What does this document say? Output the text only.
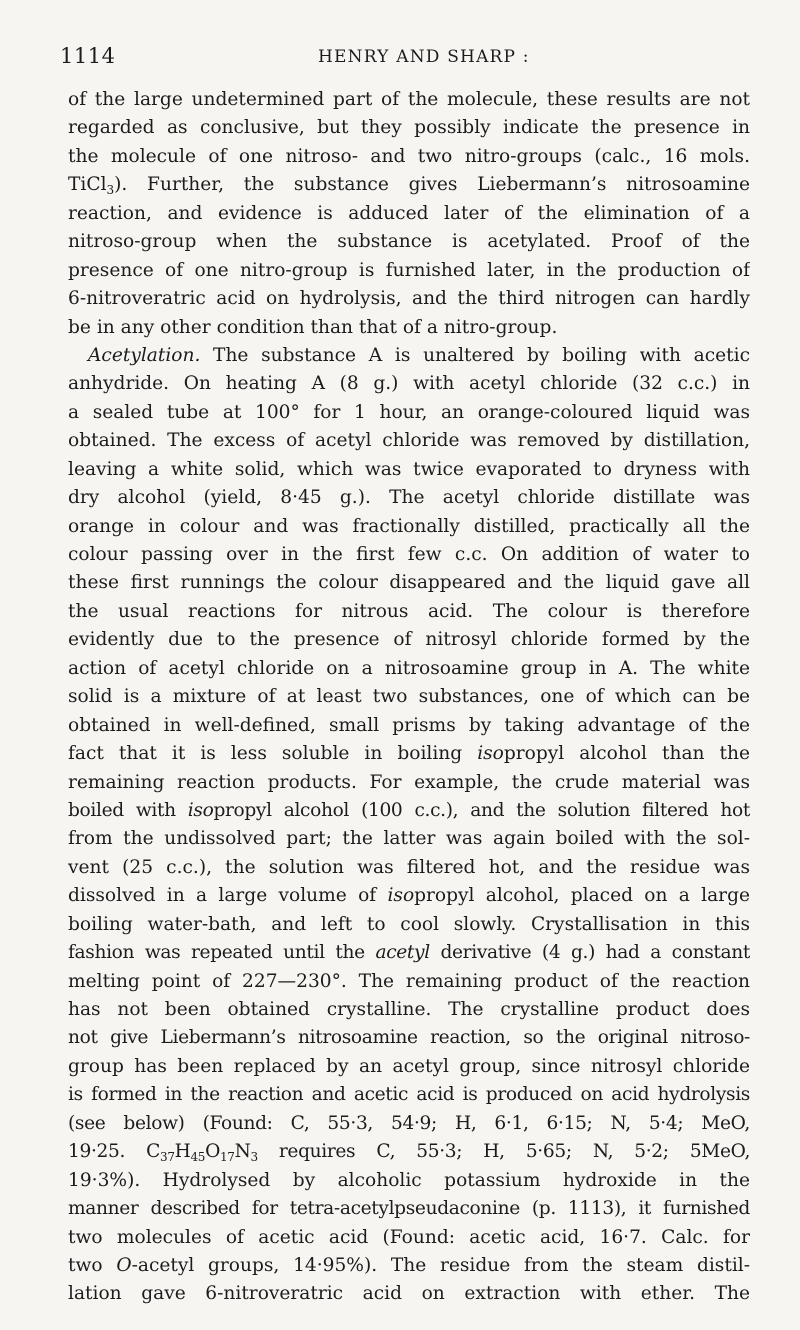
1114	HENRY AND SHARP :
of the large undetermined part of the molecule, these results are not
regarded as conclusive, but they possibly indicate the presence in
the molecule of one nitroso- and two nitro-groups (calc., 16 mols.
TiCl$_3$). Further, the substance gives Liebermann’s nitrosoamine
reaction, and evidence is adduced later of the elimination of a
nitroso-group when the substance is acetylated. Proof of the
presence of one nitro-group is furnished later, in the production of
6-nitroveratric acid on hydrolysis, and the third nitrogen can hardly
be in any other condition than that of a nitro-group.
Acetylation. The substance A is unaltered by boiling with acetic
anhydride. On heating A (8 g.) with acetyl chloride (32 c.c.) in
a sealed tube at 100° for 1 hour, an orange-coloured liquid was
obtained. The excess of acetyl chloride was removed by distillation,
leaving a white solid, which was twice evaporated to dryness with
dry alcohol (yield, 8·45 g.). The acetyl chloride distillate was
orange in colour and was fractionally distilled, practically all the
colour passing over in the first few c.c. On addition of water to
these first runnings the colour disappeared and the liquid gave all
the usual reactions for nitrous acid. The colour is therefore
evidently due to the presence of nitrosyl chloride formed by the
action of acetyl chloride on a nitrosoamine group in A. The white
solid is a mixture of at least two substances, one of which can be
obtained in well-defined, small prisms by taking advantage of the
fact that it is less soluble in boiling isopropyl alcohol than the
remaining reaction products. For example, the crude material was
boiled with isopropyl alcohol (100 c.c.), and the solution filtered hot
from the undissolved part; the latter was again boiled with the sol-
vent (25 c.c.), the solution was filtered hot, and the residue was
dissolved in a large volume of isopropyl alcohol, placed on a large
boiling water-bath, and left to cool slowly. Crystallisation in this
fashion was repeated until the acetyl derivative (4 g.) had a constant
melting point of 227—230°. The remaining product of the reaction
has not been obtained crystalline. The crystalline product does
not give Liebermann’s nitrosoamine reaction, so the original nitroso-
group has been replaced by an acetyl group, since nitrosyl chloride
is formed in the reaction and acetic acid is produced on acid hydrolysis
(see below) (Found: C, 55·3, 54·9; H, 6·1, 6·15; N, 5·4; MeO,
19·25. $C_{37}H_{45}O_{17}N_3$ requires C, 55·3; H, 5·65; N, 5·2; 5MeO,
19·3%). Hydrolysed by alcoholic potassium hydroxide in the
manner described for tetra-acetylpseudaconine (p. 1113), it furnished
two molecules of acetic acid (Found: acetic acid, 16·7. Calc. for
two O-acetyl groups, 14·95%). The residue from the steam distil-
lation gave 6-nitroveratric acid on extraction with ether. The
